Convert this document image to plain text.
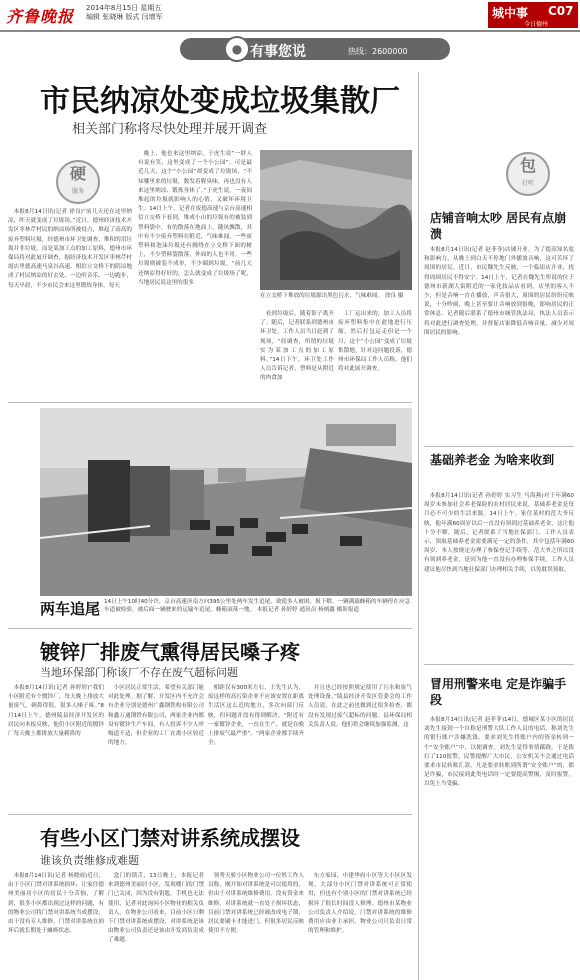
齐鲁晚报 2014年8月15日 星期五
编辑 张晓琳 版式 闫增军	城中事 C07
今日德州
● 有事您说	热线：2600000
市民纳凉处变成垃圾集散厂
相关部门称将尽快处理并展开调查
硬
服务

本报8月14日讯(记者 徐良)“前几天还在这里纳凉，昨天就变成了垃圾场。”近日，德州经济技术开发区枣林芹村民的纳凉场所被侵占，堆起了高高的废弃塑料垃圾，经德州市环卫处调查，堆积的泪垃圾并非垃圾，而是某加工点的加工原料，德州市环保局将对此展开调查。据经济技术开发区枣林芹村霞店里德高速马泉谷高速、相信立交桥下的阴凉地成了村民纳凉的好去处，一边听音乐、一边跑步，每天早晨，不少市民会来这里锻炼身体，每天

晚上，他也来这里纳凉，于虎生说“一群人有说有笑，这里变成了一个小公园”。可是最近几天，这个“小公园”却变成了垃圾场，“不知哪里来的垃圾，数发着腥臭味，再也没有人来这里纳凉、锻炼身体了。”于虎生说，一夜间堆起的垃圾就影响人的心情，又破坏环境卫生。14日上午，记者在废德高速与京台高速相信立交桥下看到，堆成小山的垃圾有的被装到塑料袋中，有的散落在地面上，随风飘散，其中有不少废弃塑料在附近，气味难闻，一些废塑料和泡沫垃圾还有缠绕在立交桥下面的树上，不少塑料袋散落，外面的人也不用，一些垃圾则被装不成单，不少圈到垃圾。“前几天还纳凉得好好的，怎么就变成了垃圾场了呢，当地居民说这里的很多

在立交桥下堆放的垃圾源出黑色污水，气味难闻。 徐良 摄

看到垃圾后，随着影子离开了。随后，记者联系到德州市环卫处，工作人员当日赶到了现场，“经调查，所谓的垃圾实为某加工点的加工原料。”14日下午，环卫处工作人员告诉记者，塑料是从附近的肉食加

工厂运出来的，加工人员将废弃塑料集中在此地进行压缩，然后打包运走但是一个月，这个“小公园”变成了垃圾集散地，针对这问题投诉，德州市环保局工作人员称，他们将对此展开调查。

两车追尾 14日上午10时40分许，京台高速济南方向395公里处两车发生追尾，致使多人被困，损下解。一辆满载蜂箱的车辆停在应急车道被检验，被后面一辆驶来的运输车追尾，蜂箱滚落一地。 本报记者 孙婷婷 通讯员 杨炳鑫 摄影报道
镀锌厂排废气熏得居民嗓子疼
当地环保部门称该厂不存在废气超标问题

本报8月14日讯(记者 孙婷婷)“我们小区附近有个镀锌厂，每天晚上排放大量废气，刺鼻得很，很多人嗓子疼。”8月14日上午，德州陵县经济开发区的居民向本报反映，他们小区附近的镀锌厂每天晚上都排放大量刺鼻的

小区居民正常生活，希望有关部门能对此处理。据了解，开发区内不允许会有企业分别是德州广鑫钢铁构有限公司和鑫万通钢铁有限公司，两家企业内都设有镀锌生产车间，有人投诉不少人呼吸道不适，但企业的工厂在离小区较近的地方。

相距仅有300米左右，王先生认为，废这样的高污染企业不应该安置在距离生活区这么近的地方，多次向部门反映，但问题并没有得到解决。“附近有一家镀锌企业，一直在生产，就是在晚上排废气最严重”。“两家企业都手续齐全。

并且也已经按照规定使用了污水和废气处理设备，”陵县经济开发区管委会的工作人员说，在此之前也做到过很多检查，都没有发现过废气超标的问题。县环保局相关负责人说，他们将会继续加强监测，这

有些小区门禁对讲系统成摆设
谁该负责维修成难题

本报8月14日讯(记者 杨晓雨)近日，由于小区门禁对讲系统损坏，让家住德州美丽居小区的居民十分苦恼，了解到，很多小区都出现过这样的问题，有的物业公司将门禁对讲系统当成摆设，由于没有专人维修，门禁对讲系统在损坏后就长期处于瘫痪状态。

盒门的锁舌，13日晚上，本报记者来到德州美丽居小区，发现楼门的门禁门已关闭，因为没有钥匙，手机也无法使用，记者对此询问小区物业的相关负责人，在物业公司看来，目前小区只剩下门禁对讲系统成摆设，对讲系统是该由物业公司负责还是该由开发商负责成了难题。

领秀天骄小区物业公司一位姓工作人员称，刚开始对讲系统是可以使用的，但由于对讲系统维修费用，没有资金来维修，对讲系统就一直处于损坏状态，目前门禁对讲系统已经被改成电子锁，居民要刷卡才能进门，但很多居民反映使用不方便。

东方家园，中建华府小区等大小区区发现，大部分小区门禁对讲系统可正常使用，但也有个别小区的门禁对讲系统已经损坏了很长时间没人修理。德州市某物业公司负责人介绍说，门禁对讲系统的维修费用应由业主承担，物业公司只负责日常的管理和维护。

包
打听
店铺音响太吵 居民有点崩溃

本报8月14日讯(记者 赵菲菲)店铺开业，为了提高知名度和影响力，从晚上到白天不停地门外播放音响，这可苦坏了周围的居民。近日，市民魏先生反映，一个临街店开业，扰得周围居民不得安宁。14日上午，记者在魏先生所说的位于德州市新湖大街附近的一家化妆品店看到，店里的客人不少，但是音响一直在播放，声音很大，周围的居民纷纷反映说，十分吵闹，晚上甚至要让音响放到很晚，影响居民的正常休息。记者随后联系了德州市城管执法局，执法人员表示将对此进行调查处理，并督促店家降低音响音量，减少对周围居民的影响。

基础养老金 为啥来收到

本报8月14日讯(记者 孙婷婷 实习生 马海燕)对于年满60周岁未参加社会养老保险的农村居民来说，基础养老金是每月必不可少的生活来源。14日上午，家住某村的范大爷反映，他年满60周岁以后一直没有领到过基础养老金，这让他十分不解。随后，记者联系了当地社保部门，工作人员表示，领取基础养老金需要满足一定的条件，其中包括年满60周岁、本人按规定办理了参保登记手续等，范大爷之所以没有领到养老金，是因为他一直没有办理参保手续，工作人员建议他尽快到当地社保部门办理相关手续，以免耽误领取。

冒用刑警来电 定是诈骗手段

本报8月14日讯(记者 赵菲菲)14日，德城区某小区的居民刘先生接到一个自称是刑警大队工作人员的电话，称刘先生的银行账户涉嫌洗钱，要求刘先生将账户内的资金转到一个“安全账户”中，以便调查。刘先生觉得事情蹊跷，于是拨打了110报警。民警提醒广大市民，公安机关不会通过电话要求市民转账汇款，凡是要求转账到所谓“安全账户”的，都是诈骗，市民接到此类电话时一定要提高警惕，及时报警，以免上当受骗。
